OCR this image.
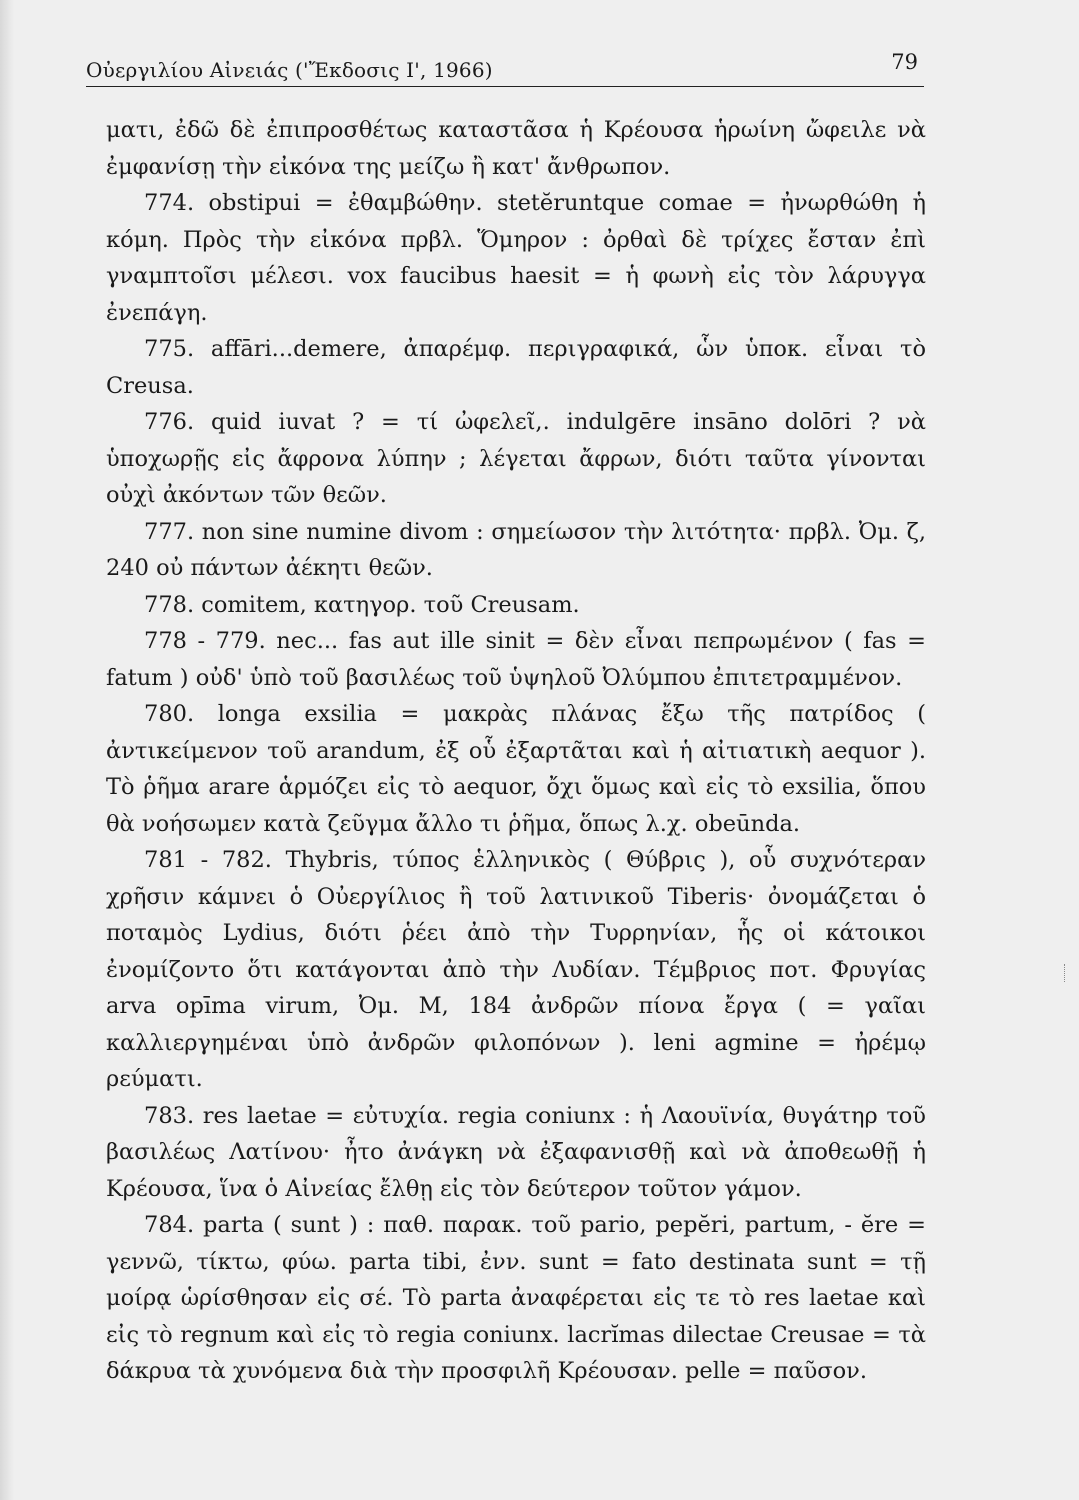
Οὐεργιλίου Αἰνειάς ('Ἔκδοσις Ι', 1966)	79

ματι, ἐδῶ δὲ ἐπιπροσθέτως καταστᾶσα ἡ Κρέουσα ἡρωίνη ὤφειλε νὰ ἐμφανίσῃ τὴν εἰκόνα της μείζω ἢ κατ' ἄνθρωπον.

774. obstipui = ἐθαμβώθην. stetĕruntque comae = ἠνωρθώθη ἡ κόμη. Πρὸς τὴν εἰκόνα πρβλ. Ὅμηρον : ὀρθαὶ δὲ τρίχες ἔσταν ἐπὶ γναμπτοῖσι μέλεσι. vox faucibus haesit = ἡ φωνὴ εἰς τὸν λάρυγγα ἐνεπάγη.

775. affāri...demere, ἀπαρέμφ. περιγραφικά, ὧν ὑποκ. εἶναι τὸ Creusa.

776. quid iuvat ? = τί ὠφελεῖ,. indulgēre insāno dolōri ? νὰ ὑποχωρῇς εἰς ἄφρονα λύπην ; λέγεται ἄφρων, διότι ταῦτα γίνονται οὐχὶ ἀκόντων τῶν θεῶν.

777. non sine numine divom : σημείωσον τὴν λιτότητα· πρβλ. Ὀμ. ζ, 240 οὐ πάντων ἀέκητι θεῶν.

778. comitem, κατηγορ. τοῦ Creusam.

778 - 779. nec... fas aut ille sinit = δὲν εἶναι πεπρωμένον ( fas = fatum ) οὐδ' ὑπὸ τοῦ βασιλέως τοῦ ὑψηλοῦ Ὀλύμπου ἐπιτετραμμένον.

780. longa exsilia = μακρὰς πλάνας ἔξω τῆς πατρίδος ( ἀντικείμενον τοῦ arandum, ἐξ οὗ ἐξαρτᾶται καὶ ἡ αἰτιατικὴ aequor ). Τὸ ῥῆμα arare ἁρμόζει εἰς τὸ aequor, ὄχι ὅμως καὶ εἰς τὸ exsilia, ὅπου θὰ νοήσωμεν κατὰ ζεῦγμα ἄλλο τι ῥῆμα, ὅπως λ.χ. obeūnda.

781 - 782. Thybris, τύπος ἑλληνικὸς ( Θύβρις ), οὗ συχνότεραν χρῆσιν κάμνει ὁ Οὐεργίλιος ἢ τοῦ λατινικοῦ Tiberis· ὀνομάζεται ὁ ποταμὸς Lydius, διότι ῥέει ἀπὸ τὴν Τυρρηνίαν, ἧς οἱ κάτοικοι ἐνομίζοντο ὅτι κατάγονται ἀπὸ τὴν Λυδίαν. Τέμβριος ποτ. Φρυγίας arva opīma virum, Ὀμ. Μ, 184 ἀνδρῶν πίονα ἔργα ( = γαῖαι καλλιεργημέναι ὑπὸ ἀνδρῶν φιλοπόνων ). leni agmine = ἠρέμῳ ρεύματι.

783. res laetae = εὐτυχία. regia coniunx : ἡ Λαουϊνία, θυγάτηρ τοῦ βασιλέως Λατίνου· ἦτο ἀνάγκη νὰ ἐξαφανισθῇ καὶ νὰ ἀποθεωθῇ ἡ Κρέουσα, ἵνα ὁ Αἰνείας ἔλθῃ εἰς τὸν δεύτερον τοῦτον γάμον.

784. parta ( sunt ) : παθ. παρακ. τοῦ pario, pepĕri, partum, - ĕre = γεννῶ, τίκτω, φύω. parta tibi, ἐνν. sunt = fato destinata sunt = τῇ μοίρᾳ ὡρίσθησαν εἰς σέ. Τὸ parta ἀναφέρεται εἰς τε τὸ res laetae καὶ εἰς τὸ regnum καὶ εἰς τὸ regia coniunx. lacrĭmas dilectae Creusae = τὰ δάκρυα τὰ χυνόμενα διὰ τὴν προσφιλῆ Κρέουσαν. pelle = παῦσον.
